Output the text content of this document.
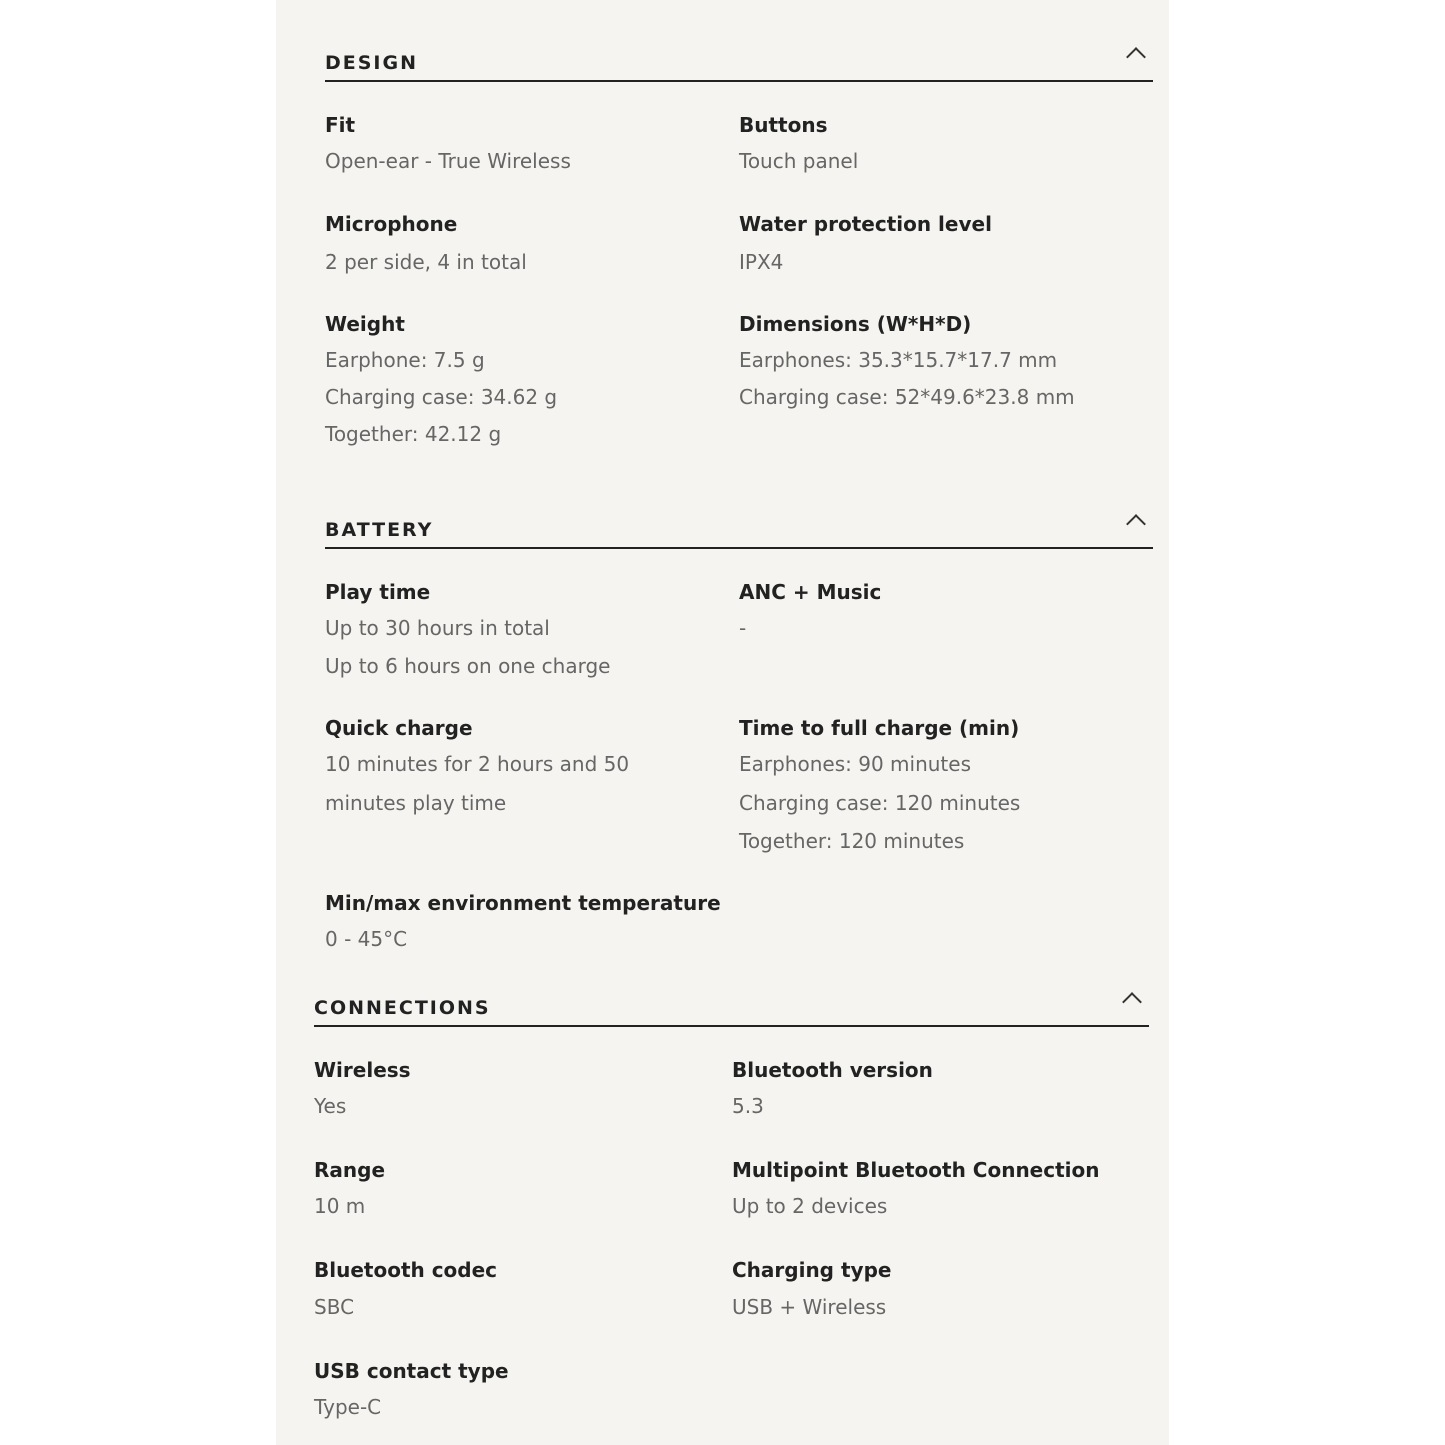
DESIGN
Fit
Open-ear - True Wireless
Buttons
Touch panel
Microphone
2 per side, 4 in total
Water protection level
IPX4
Weight
Earphone: 7.5 g
Charging case: 34.62 g
Together: 42.12 g
Dimensions (W*H*D)
Earphones: 35.3*15.7*17.7 mm
Charging case: 52*49.6*23.8 mm
BATTERY
Play time
Up to 30 hours in total
Up to 6 hours on one charge
ANC + Music
-
Quick charge
10 minutes for 2 hours and 50
minutes play time
Time to full charge (min)
Earphones: 90 minutes
Charging case: 120 minutes
Together: 120 minutes
Min/max environment temperature
0 - 45°C
CONNECTIONS
Wireless
Yes
Bluetooth version
5.3
Range
10 m
Multipoint Bluetooth Connection
Up to 2 devices
Bluetooth codec
SBC
Charging type
USB + Wireless
USB contact type
Type-C
